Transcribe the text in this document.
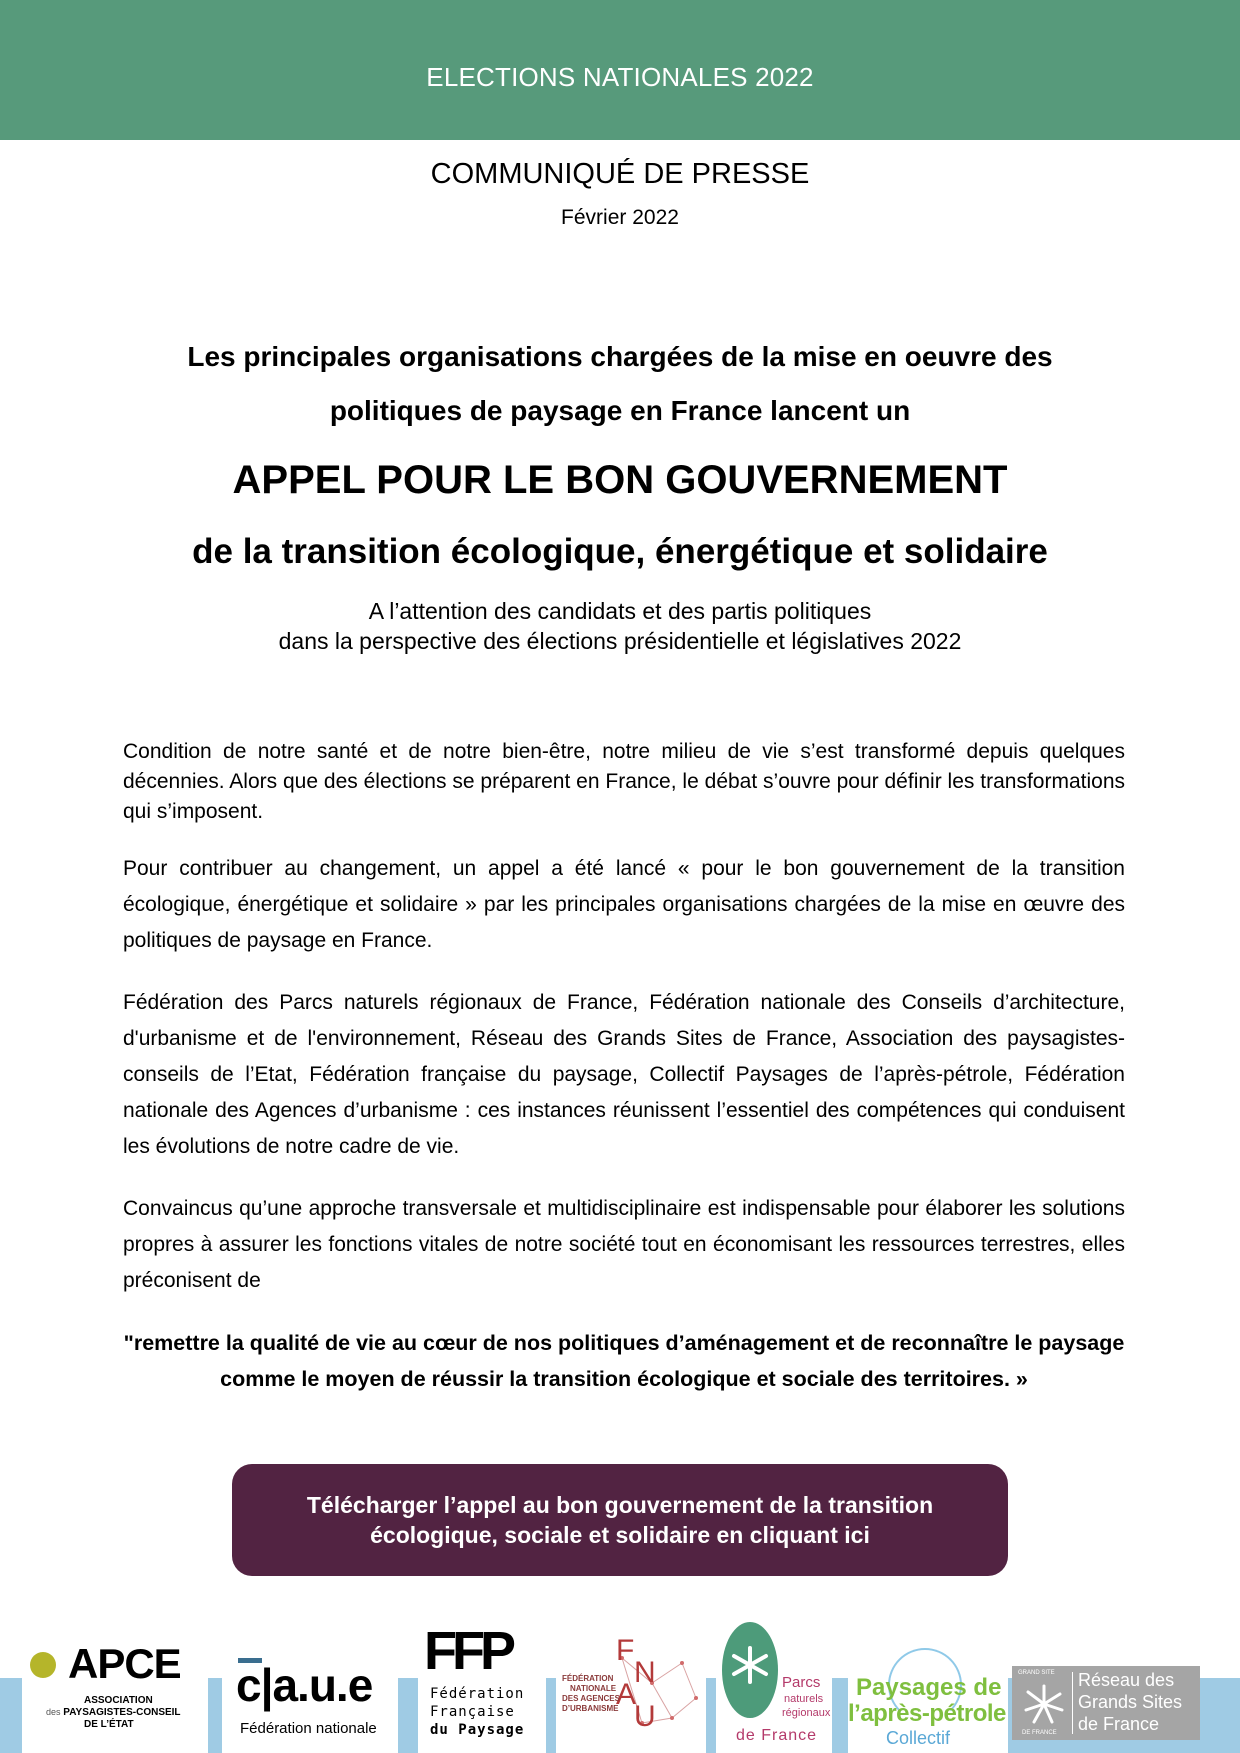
ELECTIONS NATIONALES 2022
COMMUNIQUÉ DE PRESSE
Février 2022
Les principales organisations chargées de la mise en oeuvre des politiques de paysage en France lancent un
APPEL POUR LE BON GOUVERNEMENT
de la transition écologique, énergétique et solidaire
A l’attention des candidats et des partis politiques
dans la perspective des élections présidentielle et législatives 2022

Condition de notre santé et de notre bien-être, notre milieu de vie s’est transformé depuis quelques décennies. Alors que des élections se préparent en France, le débat s’ouvre pour définir les transformations qui s’imposent.

Pour contribuer au changement, un appel a été lancé « pour le bon gouvernement de la transition écologique, énergétique et solidaire » par les principales organisations chargées de la mise en œuvre des politiques de paysage en France.

Fédération des Parcs naturels régionaux de France, Fédération nationale des Conseils d’architecture, d'urbanisme et de l'environnement, Réseau des Grands Sites de France, Association des paysagistes-conseils de l’Etat, Fédération française du paysage, Collectif Paysages de l’après-pétrole, Fédération nationale des Agences d’urbanisme : ces instances réunissent l’essentiel des compétences qui conduisent les évolutions de notre cadre de vie.

Convaincus qu’une approche transversale et multidisciplinaire est indispensable pour élaborer les solutions propres à assurer les fonctions vitales de notre société tout en économisant les ressources terrestres, elles préconisent de

"remettre la qualité de vie au cœur de nos politiques d’aménagement et de reconnaître le paysage comme le moyen de réussir la transition écologique et sociale des territoires. »
Télécharger l’appel au bon gouvernement de la transition écologique, sociale et solidaire en cliquant ici
APCE
ASSOCIATION
des PAYSAGISTES-CONSEIL
DE L’ÉTAT
c|a.u.e
Fédération nationale
FFP
Fédération
Française
du Paysage
F
N
A
U
FÉDÉRATION
NATIONALE
DES AGENCES
D’URBANISME
Parcs
naturels
régionaux
de France
Paysages de
l’après-pétrole
Collectif
GRAND SITE
DE FRANCE
Réseau des
Grands Sites
de France
